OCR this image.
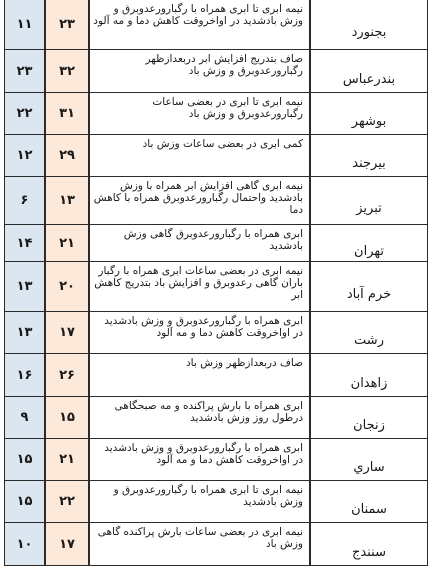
۱۱	۲۳
نیمه ابری تا ابری همراه با رگبارورعدوبرق و وزش بادشدید در اواخروقت کاهش دما و مه آلود
بجنورد
۲۳	۳۲
صاف بتدریج افزایش ابر دربعدازظهر رگبارورعدوبرق و وزش باد
بندرعباس
۲۲	۳۱
نیمه ابری تا ابری در بعضی ساعات رگبارورعدوبرق و وزش باد	بوشهر
۱۲	۲۹
کمی ابری در بعضی ساعات وزش باد
بیرجند
۶	۱۳
نیمه ابری گاهی افزایش ابر همراه با وزش بادشدید واحتمال رگبارورعدوبرق همراه با کاهش دما	تبریز
۱۴	۲۱
ابری همراه با رگبارورعدوبرق گاهی وزش بادشدید	تهران
۱۳	۲۰
نیمه ابری در بعضی ساعات ابری همراه با رگبار باران گاهی رعدوبرق و افزایش باد بتدریج کاهش ابر	خرم آباد
۱۳	۱۷
ابری همراه با رگبارورعدوبرق و وزش بادشدید در اواخروقت کاهش دما و مه آلود	رشت
۱۶	۲۶
صاف دربعدازظهر وزش باد
زاهدان
۹	۱۵
ابری همراه با بارش پراکنده و مه صبحگاهی درطول روز وزش بادشدید	زنجان
۱۵	۲۱
ابری همراه با رگبارورعدوبرق و وزش بادشدید در اواخروقت کاهش دما و مه آلود	ساري
۱۵	۲۲
نیمه ابری تا ابری همراه با رگبارورعدوبرق و وزش بادشدید	سمنان
۱۰	۱۷
نیمه ابری در بعضی ساعات بارش پراکنده گاهی وزش باد
سنندج
